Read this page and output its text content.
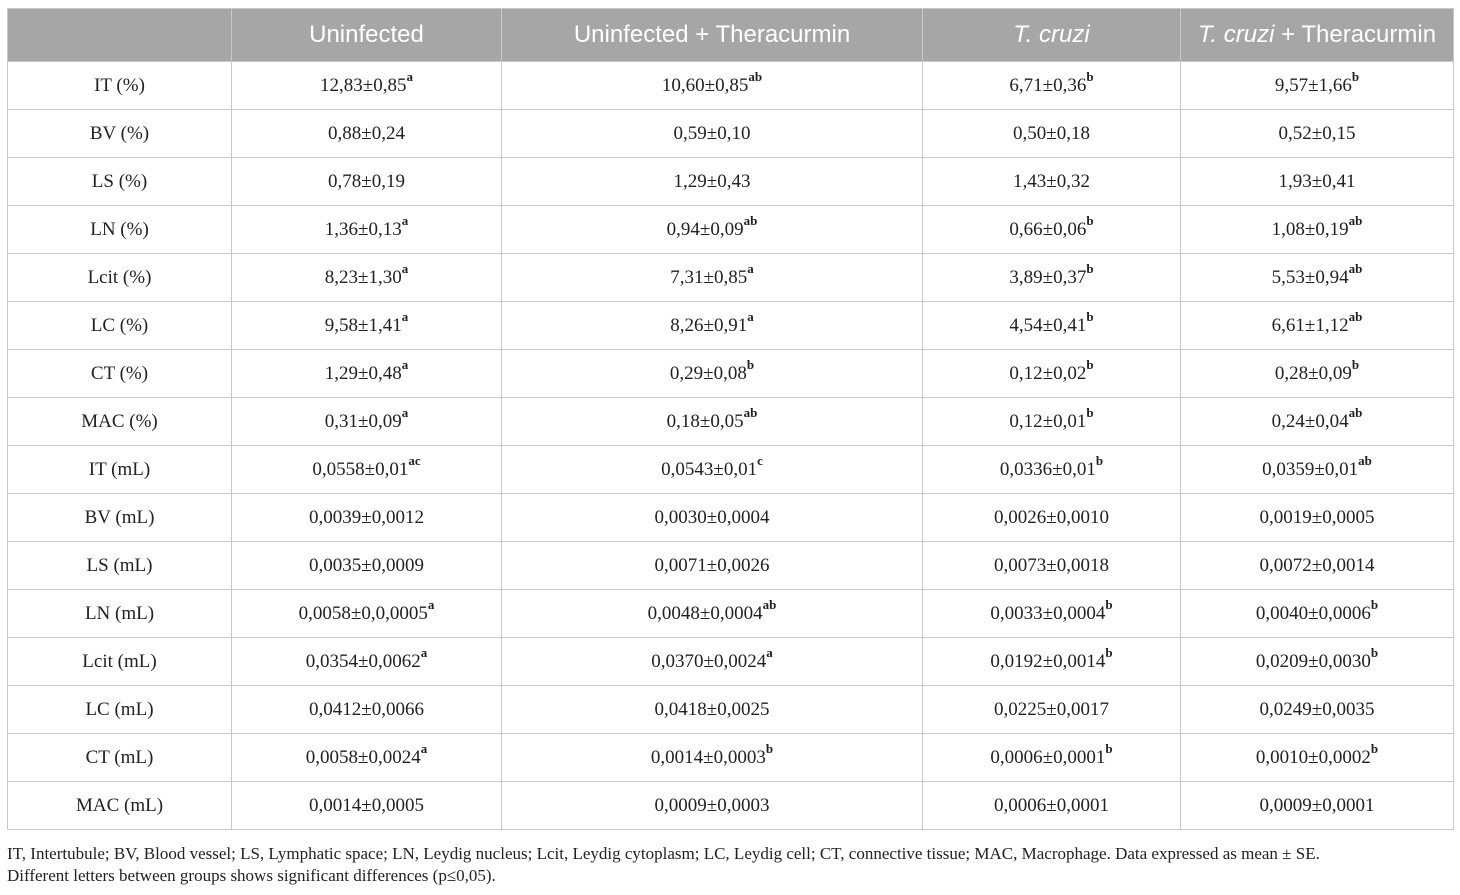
	Uninfected	Uninfected + Theracurmin	T. cruzi	T. cruzi + Theracurmin
IT (%)	12,83±0,85$^a$	10,60±0,85$^{ab}$	6,71±0,36$^b$	9,57±1,66$^b$
BV (%)	0,88±0,24	0,59±0,10	0,50±0,18	0,52±0,15
LS (%)	0,78±0,19	1,29±0,43	1,43±0,32	1,93±0,41
LN (%)	1,36±0,13$^a$	0,94±0,09$^{ab}$	0,66±0,06$^b$	1,08±0,19$^{ab}$
Lcit (%)	8,23±1,30$^a$	7,31±0,85$^a$	3,89±0,37$^b$	5,53±0,94$^{ab}$
LC (%)	9,58±1,41$^a$	8,26±0,91$^a$	4,54±0,41$^b$	6,61±1,12$^{ab}$
CT (%)	1,29±0,48$^a$	0,29±0,08$^b$	0,12±0,02$^b$	0,28±0,09$^b$
MAC (%)	0,31±0,09$^a$	0,18±0,05$^{ab}$	0,12±0,01$^b$	0,24±0,04$^{ab}$
IT (mL)	0,0558±0,01$^{ac}$	0,0543±0,01$^c$	0,0336±0,01$^b$	0,0359±0,01$^{ab}$
BV (mL)	0,0039±0,0012	0,0030±0,0004	0,0026±0,0010	0,0019±0,0005
LS (mL)	0,0035±0,0009	0,0071±0,0026	0,0073±0,0018	0,0072±0,0014
LN (mL)	0,0058±0,0,0005$^a$	0,0048±0,0004$^{ab}$	0,0033±0,0004$^b$	0,0040±0,0006$^b$
Lcit (mL)	0,0354±0,0062$^a$	0,0370±0,0024$^a$	0,0192±0,0014$^b$	0,0209±0,0030$^b$
LC (mL)	0,0412±0,0066	0,0418±0,0025	0,0225±0,0017	0,0249±0,0035
CT (mL)	0,0058±0,0024$^a$	0,0014±0,0003$^b$	0,0006±0,0001$^b$	0,0010±0,0002$^b$
MAC (mL)	0,0014±0,0005	0,0009±0,0003	0,0006±0,0001	0,0009±0,0001

IT, Intertubule; BV, Blood vessel; LS, Lymphatic space; LN, Leydig nucleus; Lcit, Leydig cytoplasm; LC, Leydig cell; CT, connective tissue; MAC, Macrophage. Data expressed as mean ± SE.
Different letters between groups shows significant differences (p≤0,05).
